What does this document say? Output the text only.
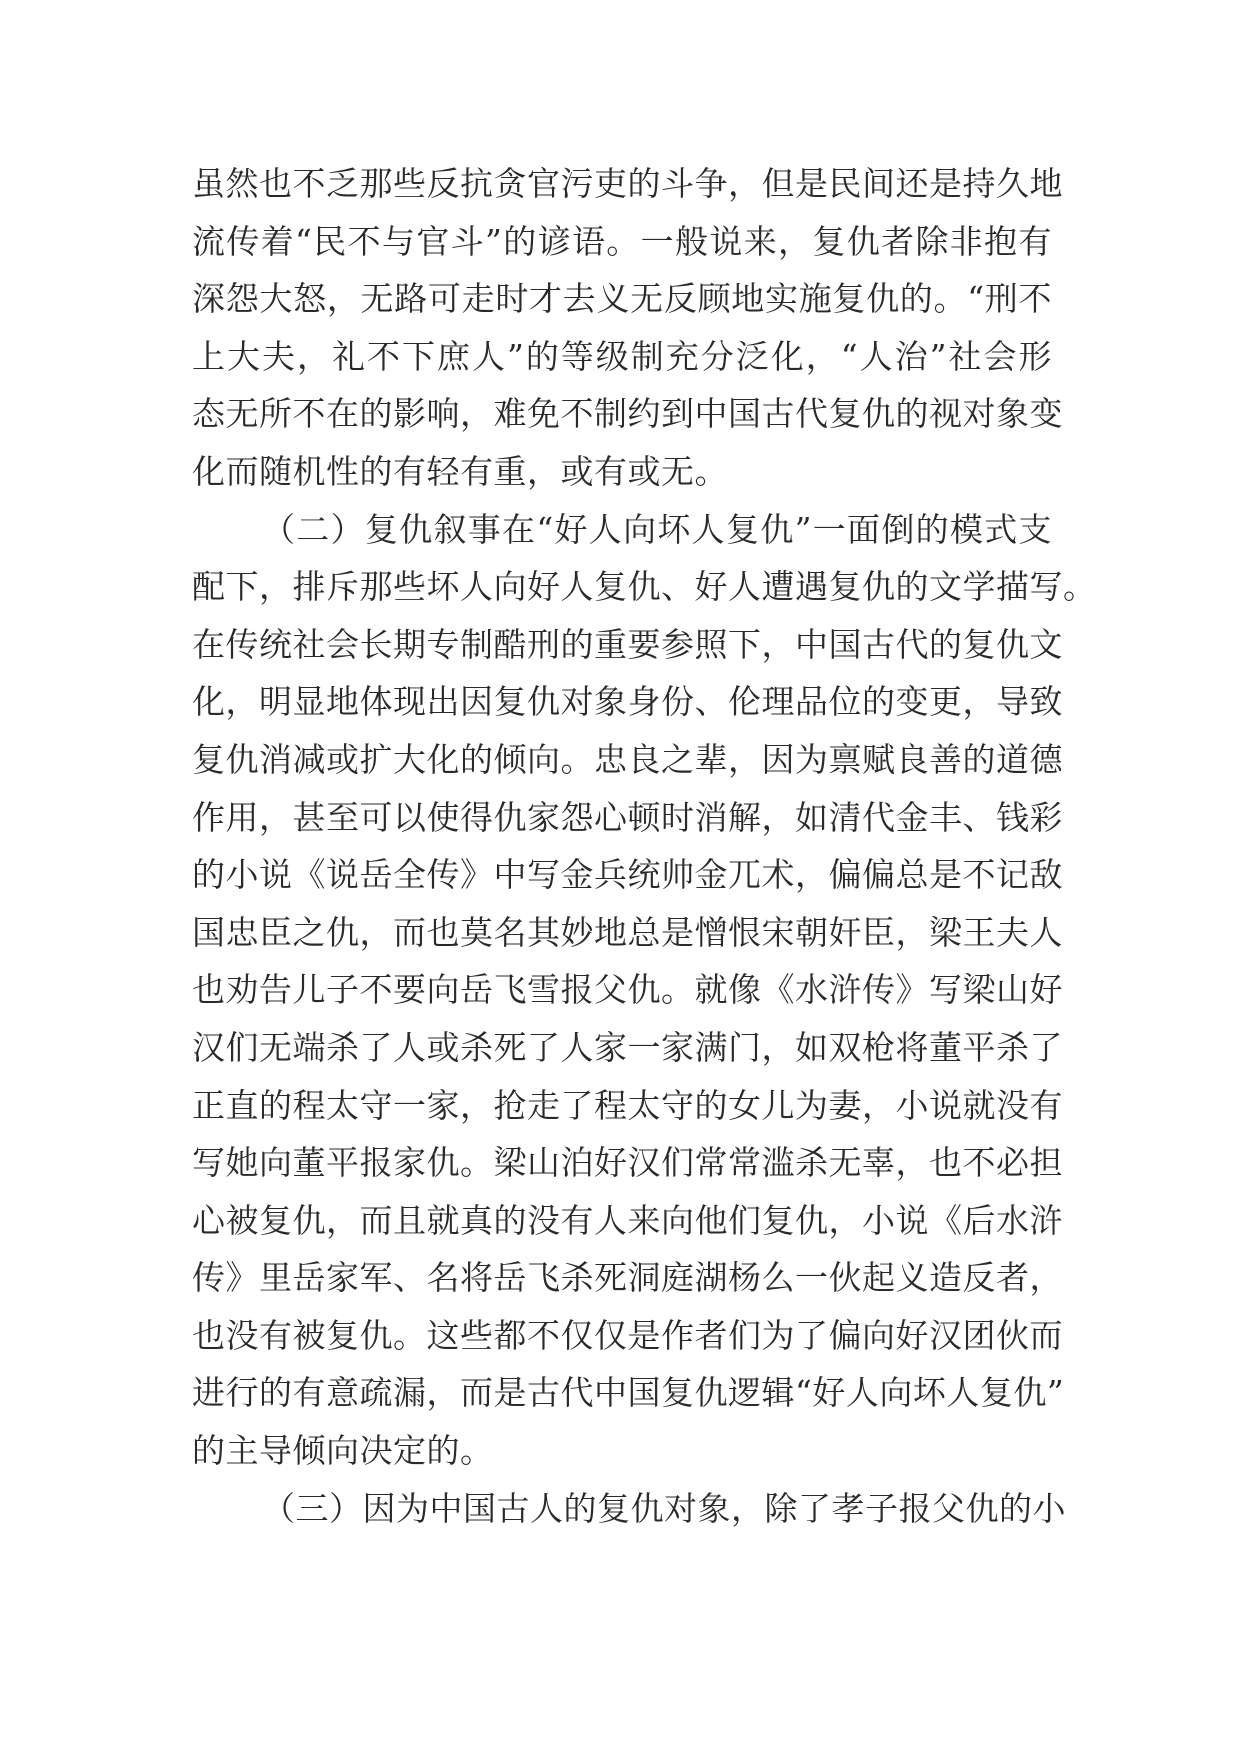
虽然也不乏那些反抗贪官污吏的斗争，但是民间还是持久地
流传着“民不与官斗”的谚语。一般说来，复仇者除非抱有
深怨大怒，无路可走时才去义无反顾地实施复仇的。“刑不
上大夫，礼不下庶人”的等级制充分泛化，“人治”社会形
态无所不在的影响，难免不制约到中国古代复仇的视对象变
化而随机性的有轻有重，或有或无。
（二）复仇叙事在“好人向坏人复仇”一面倒的模式支
配下，排斥那些坏人向好人复仇、好人遭遇复仇的文学描写。
在传统社会长期专制酷刑的重要参照下，中国古代的复仇文
化，明显地体现出因复仇对象身份、伦理品位的变更，导致
复仇消减或扩大化的倾向。忠良之辈，因为禀赋良善的道德
作用，甚至可以使得仇家怨心顿时消解，如清代金丰、钱彩
的小说《说岳全传》中写金兵统帅金兀术，偏偏总是不记敌
国忠臣之仇，而也莫名其妙地总是憎恨宋朝奸臣，梁王夫人
也劝告儿子不要向岳飞雪报父仇。就像《水浒传》写梁山好
汉们无端杀了人或杀死了人家一家满门，如双枪将董平杀了
正直的程太守一家，抢走了程太守的女儿为妻，小说就没有
写她向董平报家仇。梁山泊好汉们常常滥杀无辜，也不必担
心被复仇，而且就真的没有人来向他们复仇，小说《后水浒
传》里岳家军、名将岳飞杀死洞庭湖杨么一伙起义造反者，
也没有被复仇。这些都不仅仅是作者们为了偏向好汉团伙而
进行的有意疏漏，而是古代中国复仇逻辑“好人向坏人复仇”
的主导倾向决定的。
（三）因为中国古人的复仇对象，除了孝子报父仇的小
